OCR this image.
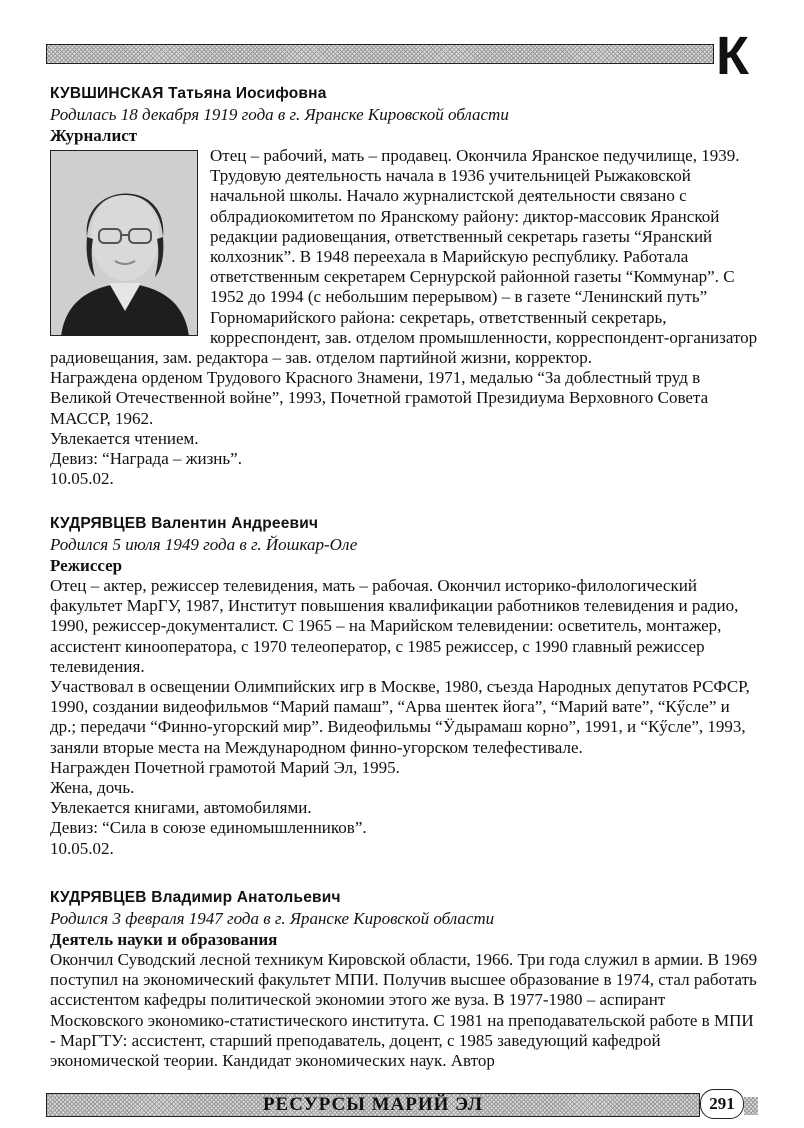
К
КУВШИНСКАЯ Татьяна Иосифовна
Родилась 18 декабря 1919 года в г. Яранске Кировской области
Журналист

Отец – рабочий, мать – продавец. Окончила Яранское педучилище, 1939. Трудовую деятельность начала в 1936 учительницей Рыжаковской начальной школы. Начало журналистской деятельности связано с облрадиокомитетом по Яранскому району: диктор-массовик Яранской редакции радиовещания, ответственный секретарь газеты “Яранский колхозник”. В 1948 переехала в Марийскую республику. Работала ответственным секретарем Сернурской районной газеты “Коммунар”. С 1952 до 1994 (с небольшим перерывом) – в газете “Ленинский путь” Горномарийского района: секретарь, ответственный секретарь, корреспондент, зав. отделом промышленности, корреспондент-организатор радиовещания, зам. редактора – зав. отделом партийной жизни, корректор.

Награждена орденом Трудового Красного Знамени, 1971, медалью “За доблестный труд в Великой Отечественной войне”, 1993, Почетной грамотой Президиума Верховного Совета МАССР, 1962.

Увлекается чтением.

Девиз: “Награда – жизнь”.

10.05.02.

КУДРЯВЦЕВ Валентин Андреевич
Родился 5 июля 1949 года в г. Йошкар-Оле
Режиссер

Отец – актер, режиссер телевидения, мать – рабочая. Окончил историко-филологический факультет МарГУ, 1987, Институт повышения квалификации работников телевидения и радио, 1990, режиссер-документалист. С 1965 – на Марийском телевидении: осветитель, монтажер, ассистент кинооператора, с 1970 телеоператор, с 1985 режиссер, с 1990 главный режиссер телевидения.

Участвовал в освещении Олимпийских игр в Москве, 1980, съезда Народных депутатов РСФСР, 1990, создании видеофильмов “Марий памаш”, “Арва шентек йога”, “Марий вате”, “Кӳсле” и др.; передачи “Финно-угорский мир”. Видеофильмы “Ӱдырамаш корно”, 1991, и “Кӳсле”, 1993, заняли вторые места на Международном финно-угорском телефестивале.

Награжден Почетной грамотой Марий Эл, 1995.

Жена, дочь.

Увлекается книгами, автомобилями.

Девиз: “Сила в союзе единомышленников”.

10.05.02.

КУДРЯВЦЕВ Владимир Анатольевич
Родился 3 февраля 1947 года в г. Яранске Кировской области
Деятель науки и образования

Окончил Суводский лесной техникум Кировской области, 1966. Три года служил в армии. В 1969 поступил на экономический факультет МПИ. Получив высшее образование в 1974, стал работать ассистентом кафедры политической экономии этого же вуза. В 1977-1980 – аспирант Московского экономико-статистического института. С 1981 на преподавательской работе в МПИ - МарГТУ: ассистент, старший преподаватель, доцент, с 1985 заведующий кафедрой экономической теории. Кандидат экономических наук. Автор

РЕСУРСЫ МАРИЙ ЭЛ	291
